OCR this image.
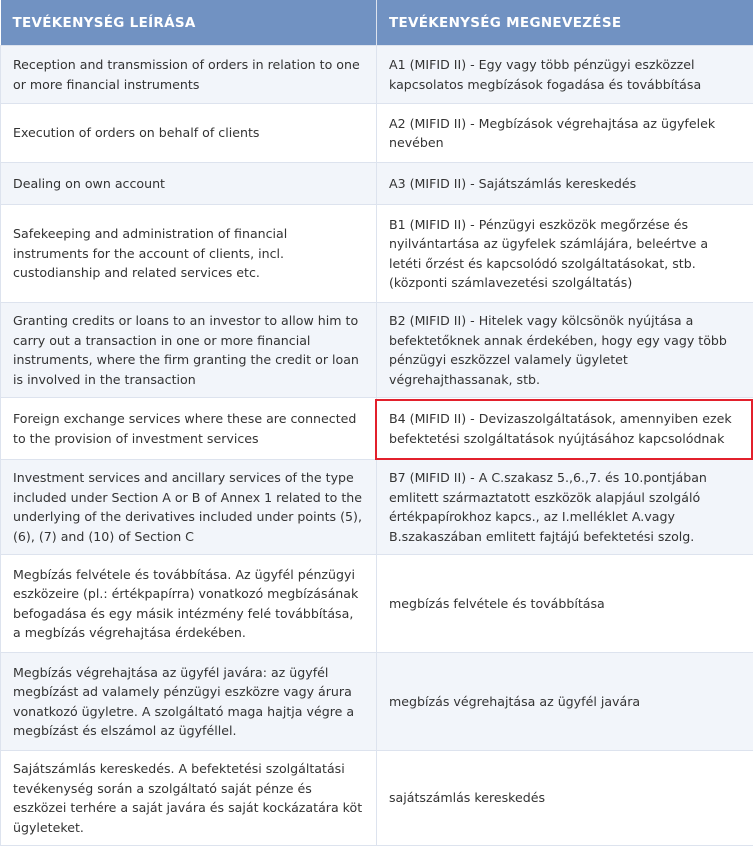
TEVÉKENYSÉG LEÍRÁSA	TEVÉKENYSÉG MEGNEVEZÉSE
Reception and transmission of orders in relation to one or more financial instruments	A1 (MIFID II) - Egy vagy több pénzügyi eszközzel kapcsolatos megbízások fogadása és továbbítása
Execution of orders on behalf of clients	A2 (MIFID II) - Megbízások végrehajtása az ügyfelek nevében
Dealing on own account	A3 (MIFID II) - Sajátszámlás kereskedés
Safekeeping and administration of financial instruments for the account of clients, incl. custodianship and related services etc.	B1 (MIFID II) - Pénzügyi eszközök megőrzése és nyilvántartása az ügyfelek számlájára, beleértve a letéti őrzést és kapcsolódó szolgáltatásokat, stb. (központi számlavezetési szolgáltatás)
Granting credits or loans to an investor to allow him to carry out a transaction in one or more financial instruments, where the firm granting the credit or loan is involved in the transaction	B2 (MIFID II) - Hitelek vagy kölcsönök nyújtása a befektetőknek annak érdekében, hogy egy vagy több pénzügyi eszközzel valamely ügyletet végrehajthassanak, stb.
Foreign exchange services where these are connected to the provision of investment services	B4 (MIFID II) - Devizaszolgáltatások, amennyiben ezek befektetési szolgáltatások nyújtásához kapcsolódnak
Investment services and ancillary services of the type included under Section A or B of Annex 1 related to the underlying of the derivatives included under points (5), (6), (7) and (10) of Section C	B7 (MIFID II) - A C.szakasz 5.,6.,7. és 10.pontjában emlitett származtatott eszközök alapjául szolgáló értékpapírokhoz kapcs., az I.melléklet A.vagy B.szakaszában emlitett fajtájú befektetési szolg.
Megbízás felvétele és továbbítása. Az ügyfél pénzügyi eszközeire (pl.: értékpapírra) vonatkozó megbízásának befogadása és egy másik intézmény felé továbbítása, a megbízás végrehajtása érdekében.	megbízás felvétele és továbbítása
Megbízás végrehajtása az ügyfél javára: az ügyfél megbízást ad valamely pénzügyi eszközre vagy árura vonatkozó ügyletre. A szolgáltató maga hajtja végre a megbízást és elszámol az ügyféllel.	megbízás végrehajtása az ügyfél javára
Sajátszámlás kereskedés. A befektetési szolgáltatási tevékenység során a szolgáltató saját pénze és eszközei terhére a saját javára és saját kockázatára köt ügyleteket.	sajátszámlás kereskedés
